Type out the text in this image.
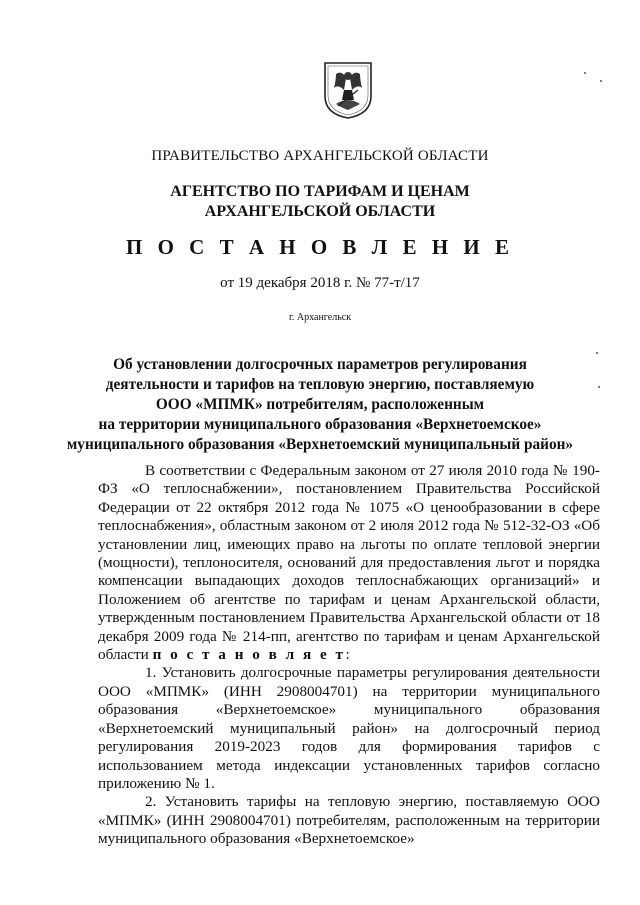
ПРАВИТЕЛЬСТВО АРХАНГЕЛЬСКОЙ ОБЛАСТИ
АГЕНТСТВО ПО ТАРИФАМ И ЦЕНАМ
АРХАНГЕЛЬСКОЙ ОБЛАСТИ
П О С Т А Н О В Л Е Н И Е
от 19 декабря 2018 г. № 77-т/17
г. Архангельск
Об установлении долгосрочных параметров регулирования
деятельности и тарифов на тепловую энергию, поставляемую
ООО «МПМК» потребителям, расположенным
на территории муниципального образования «Верхнетоемское»
муниципального образования «Верхнетоемский муниципальный район»

В соответствии с Федеральным законом от 27 июля 2010 года № 190-ФЗ «О теплоснабжении», постановлением Правительства Российской Федерации от 22 октября 2012 года № 1075 «О ценообразовании в сфере теплоснабжения», областным законом от 2 июля 2012 года № 512-32-ОЗ «Об установлении лиц, имеющих право на льготы по оплате тепловой энергии (мощности), теплоносителя, оснований для предоставления льгот и порядка компенсации выпадающих доходов теплоснабжающих организаций» и Положением об агентстве по тарифам и ценам Архангельской области, утвержденным постановлением Правительства Архангельской области от 18 декабря 2009 года № 214-пп, агентство по тарифам и ценам Архангельской области п о с т а н о в л я е т:

1. Установить долгосрочные параметры регулирования деятельности ООО «МПМК» (ИНН 2908004701) на территории муниципального образования «Верхнетоемское» муниципального образования «Верхнетоемский муниципальный район» на долгосрочный период регулирования 2019-2023 годов для формирования тарифов с использованием метода индексации установленных тарифов согласно приложению № 1.

2. Установить тарифы на тепловую энергию, поставляемую ООО «МПМК» (ИНН 2908004701) потребителям, расположенным на территории муниципального образования «Верхнетоемское»
